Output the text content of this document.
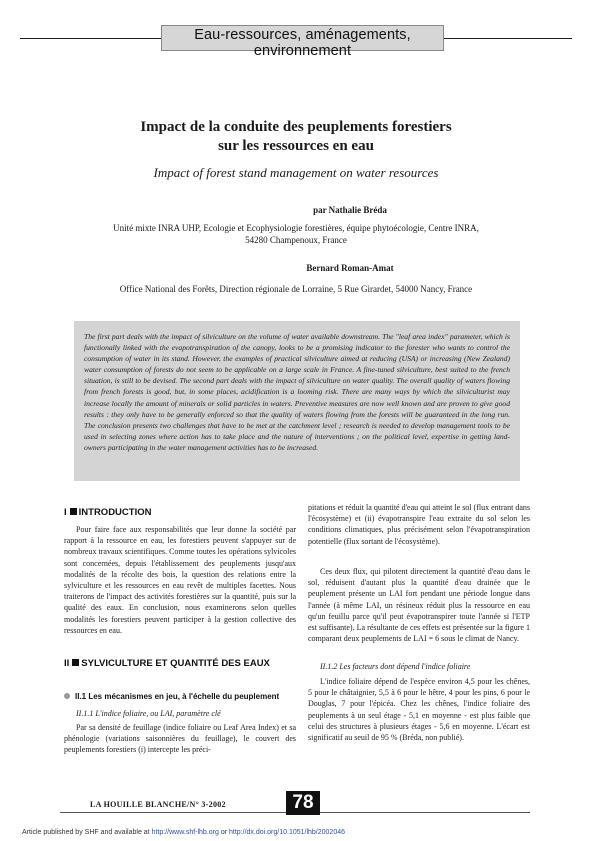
Eau-ressources, aménagements, environnement
Impact de la conduite des peuplements forestiers
sur les ressources en eau
Impact of forest stand management on water resources
par Nathalie Bréda
Unité mixte INRA UHP, Ecologie et Ecophysiologie forestières, équipe phytoécologie, Centre INRA,
54280 Champenoux, France
Bernard Roman-Amat
Office National des Forêts, Direction régionale de Lorraine, 5 Rue Girardet, 54000 Nancy, France
The first part deals with the impact of silviculture on the volume of water available downstream. The "leaf area index" parameter, which is functionally linked with the evapotranspiration of the canopy, looks to be a promising indicator to the forester who wants to control the consumption of water in its stand. However, the examples of practical silviculture aimed at reducing (USA) or increasing (New Zealand) water consumption of forests do not seem to be applicable on a large scale in France. A fine-tuned silviculture, best suited to the french situation, is still to be devised. The second part deals with the impact of silviculture on water quality. The overall quality of waters flowing from french forests is good, but, in some places, acidification is a looming risk. There are many ways by which the silviculturist may increase locally the amount of minerals or solid particles in waters. Preventive measures are now well known and are proven to give good results : they only have to be generally enforced so that the quality of waters flowing from the forests will be guaranteed in the long run. The conclusion presents two challenges that have to be met at the catchment level ; research is needed to develop management tools to be used in selecting zones where action has to take place and the nature of interventions ; on the political level, expertise in getting land-owners participating in the water management activities has to be increased.
I INTRODUCTION

Pour faire face aux responsabilités que leur donne la société par rapport à la ressource en eau, les forestiers peuvent s'appuyer sur de nombreux travaux scientifiques. Comme toutes les opérations sylvicoles sont concernées, depuis l'établissement des peuplements jusqu'aux modalités de la récolte des bois, la question des relations entre la sylviculture et les ressources en eau revêt de multiples facettes. Nous traiterons de l'impact des activités forestières sur la quantité, puis sur la qualité des eaux. En conclusion, nous examinerons selon quelles modalités les forestiers peuvent participer à la gestion collective des ressources en eau.

II SYLVICULTURE ET QUANTITÉ DES EAUX
II.1 Les mécanismes en jeu, à l'échelle du peuplement
II.1.1 L'indice foliaire, ou LAI, paramètre clé

Par sa densité de feuillage (indice foliaire ou Leaf Area Index) et sa phénologie (variations saisonnières du feuillage), le couvert des peuplements forestiers (i) intercepte les préci-

pitations et réduit la quantité d'eau qui atteint le sol (flux entrant dans l'écosystème) et (ii) évapotranspire l'eau extraite du sol selon les conditions climatiques, plus précisément selon l'évapotranspiration potentielle (flux sortant de l'écosystème).

Ces deux flux, qui pilotent directement la quantité d'eau dans le sol, réduisent d'autant plus la quantité d'eau drainée que le peuplement présente un LAI fort pendant une période longue dans l'année (à même LAI, un résineux réduit plus la ressource en eau qu'un feuillu parce qu'il peut évapotranspirer toute l'année si l'ETP est suffisante). La résultante de ces effets est présentée sur la figure 1 comparant deux peuplements de LAI = 6 sous le climat de Nancy.

II.1.2 Les facteurs dont dépend l'indice foliaire

L'indice foliaire dépend de l'espèce environ 4,5 pour les chênes, 5 pour le châtaignier, 5,5 à 6 pour le hêtre, 4 pour les pins, 6 pour le Douglas, 7 pour l'épicéa. Chez les chênes, l'indice foliaire des peuplements à un seul étage - 5,1 en moyenne - est plus faible que celui des structures à plusieurs étages - 5,6 en moyenne. L'écart est significatif au seuil de 95 % (Bréda, non publié).

LA HOUILLE BLANCHE/N° 3-2002	78
Article published by SHF and available at http://www.shf-lhb.org or http://dx.doi.org/10.1051/lhb/2002046
